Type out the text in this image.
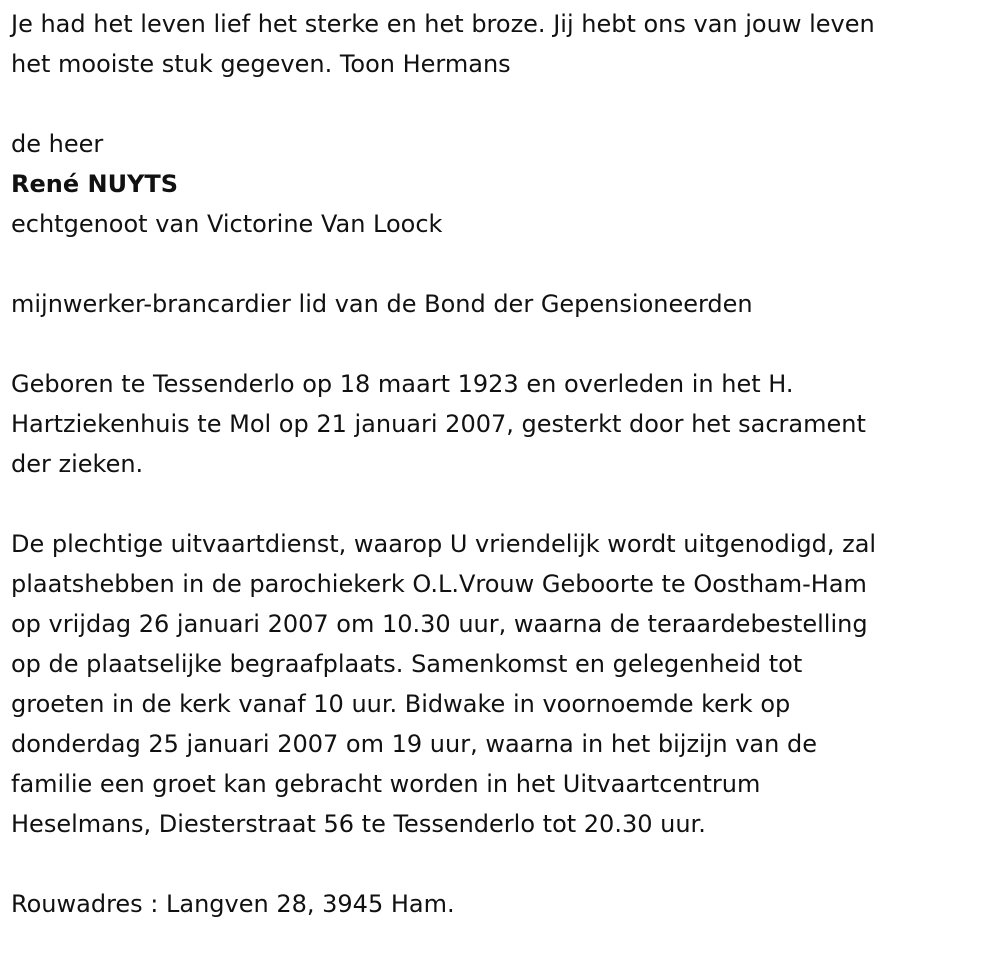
Je had het leven lief het sterke en het broze. Jij hebt ons van jouw leven

het mooiste stuk gegeven. Toon Hermans

de heer

René NUYTS

echtgenoot van Victorine Van Loock

mijnwerker-brancardier lid van de Bond der Gepensioneerden

Geboren te Tessenderlo op 18 maart 1923 en overleden in het H.

Hartziekenhuis te Mol op 21 januari 2007, gesterkt door het sacrament

der zieken.

De plechtige uitvaartdienst, waarop U vriendelijk wordt uitgenodigd, zal

plaatshebben in de parochiekerk O.L.Vrouw Geboorte te Oostham-Ham

op vrijdag 26 januari 2007 om 10.30 uur, waarna de teraardebestelling

op de plaatselijke begraafplaats. Samenkomst en gelegenheid tot

groeten in de kerk vanaf 10 uur. Bidwake in voornoemde kerk op

donderdag 25 januari 2007 om 19 uur, waarna in het bijzijn van de

familie een groet kan gebracht worden in het Uitvaartcentrum

Heselmans, Diesterstraat 56 te Tessenderlo tot 20.30 uur.

Rouwadres : Langven 28, 3945 Ham.
